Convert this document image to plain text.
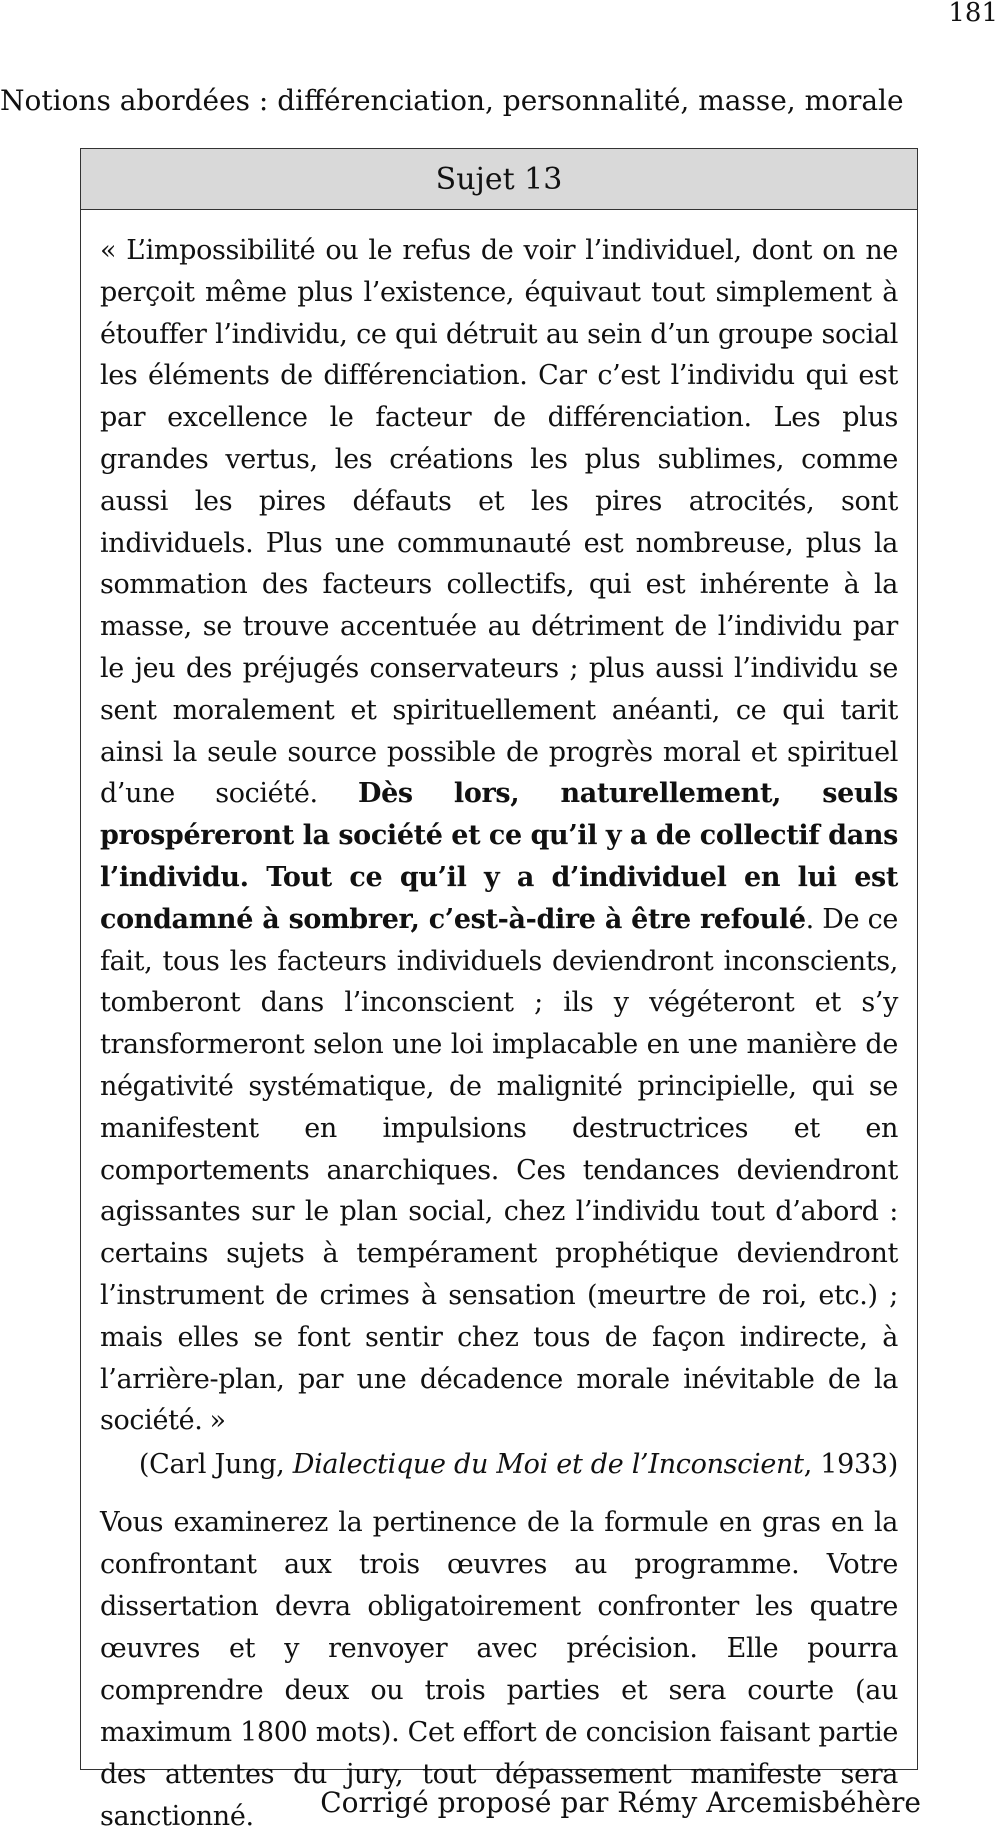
181
Notions abordées : différenciation, personnalité, masse, morale
Sujet 13
« L’impossibilité ou le refus de voir l’individuel, dont on ne perçoit même plus l’existence, équivaut tout simplement à étouffer l’individu, ce qui détruit au sein d’un groupe social les éléments de différenciation. Car c’est l’individu qui est par excellence le facteur de différenciation. Les plus grandes vertus, les créations les plus sublimes, comme aussi les pires défauts et les pires atrocités, sont individuels. Plus une communauté est nombreuse, plus la sommation des facteurs collectifs, qui est inhérente à la masse, se trouve accentuée au détriment de l’individu par le jeu des préjugés conservateurs ; plus aussi l’individu se sent moralement et spirituellement anéanti, ce qui tarit ainsi la seule source possible de progrès moral et spirituel d’une société. Dès lors, naturellement, seuls prospéreront la société et ce qu’il y a de collectif dans l’individu. Tout ce qu’il y a d’individuel en lui est condamné à sombrer, c’est-à-dire à être refoulé. De ce fait, tous les facteurs individuels deviendront inconscients, tomberont dans l’inconscient ; ils y végéteront et s’y transformeront selon une loi implacable en une manière de négativité systématique, de malignité principielle, qui se manifestent en impulsions destructrices et en comportements anarchiques. Ces tendances deviendront agissantes sur le plan social, chez l’individu tout d’abord : certains sujets à tempérament prophétique deviendront l’instrument de crimes à sensation (meurtre de roi, etc.) ; mais elles se font sentir chez tous de façon indirecte, à l’arrière-plan, par une décadence morale inévitable de la société. »
(Carl Jung, Dialectique du Moi et de l’Inconscient, 1933)
Vous examinerez la pertinence de la formule en gras en la confrontant aux trois œuvres au programme. Votre dissertation devra obligatoirement confronter les quatre œuvres et y renvoyer avec précision. Elle pourra comprendre deux ou trois parties et sera courte (au maximum 1800 mots). Cet effort de concision faisant partie des attentes du jury, tout dépassement manifeste sera sanctionné.	Corrigé proposé par Rémy Arcemisbéhère
